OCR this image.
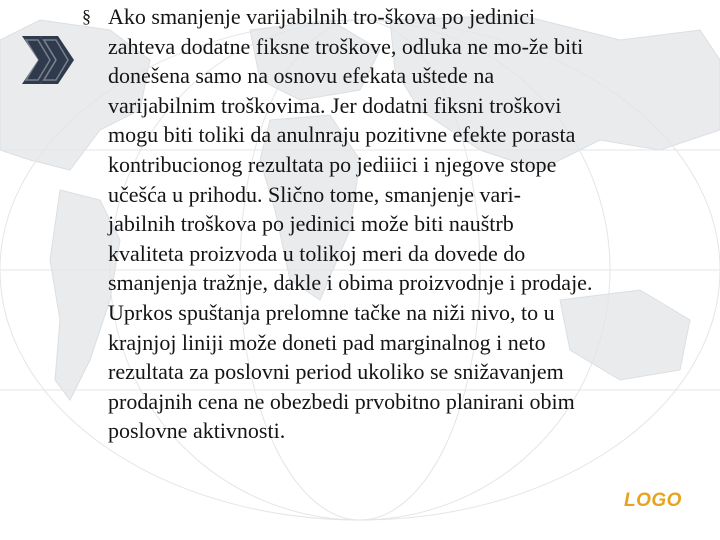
§ Ako smanjenje varijabilnih tro-škova po jedinici
zahteva dodatne fiksne troškove, odluka ne mo-že biti
donešena samo na osnovu efekata uštede na
varijabilnim troškovima. Jer dodatni fiksni troškovi
mogu biti toliki da anulnraju pozitivne efekte porasta
kontribucionog rezultata po jediiici i njegove stope
učešća u prihodu. Slično tome, smanjenje vari-
jabilnih troškova po jedinici može biti nauštrb
kvaliteta proizvoda u tolikoj meri da dovede do
smanjenja tražnje, dakle i obima proizvodnje i prodaje.
Uprkos spuštanja prelomne tačke na niži nivo, to u
krajnjoj liniji može doneti pad marginalnog i neto
rezultata za poslovni period ukoliko se snižavanjem
prodajnih cena ne obezbedi prvobitno planirani obim
poslovne aktivnosti.
LOGO
